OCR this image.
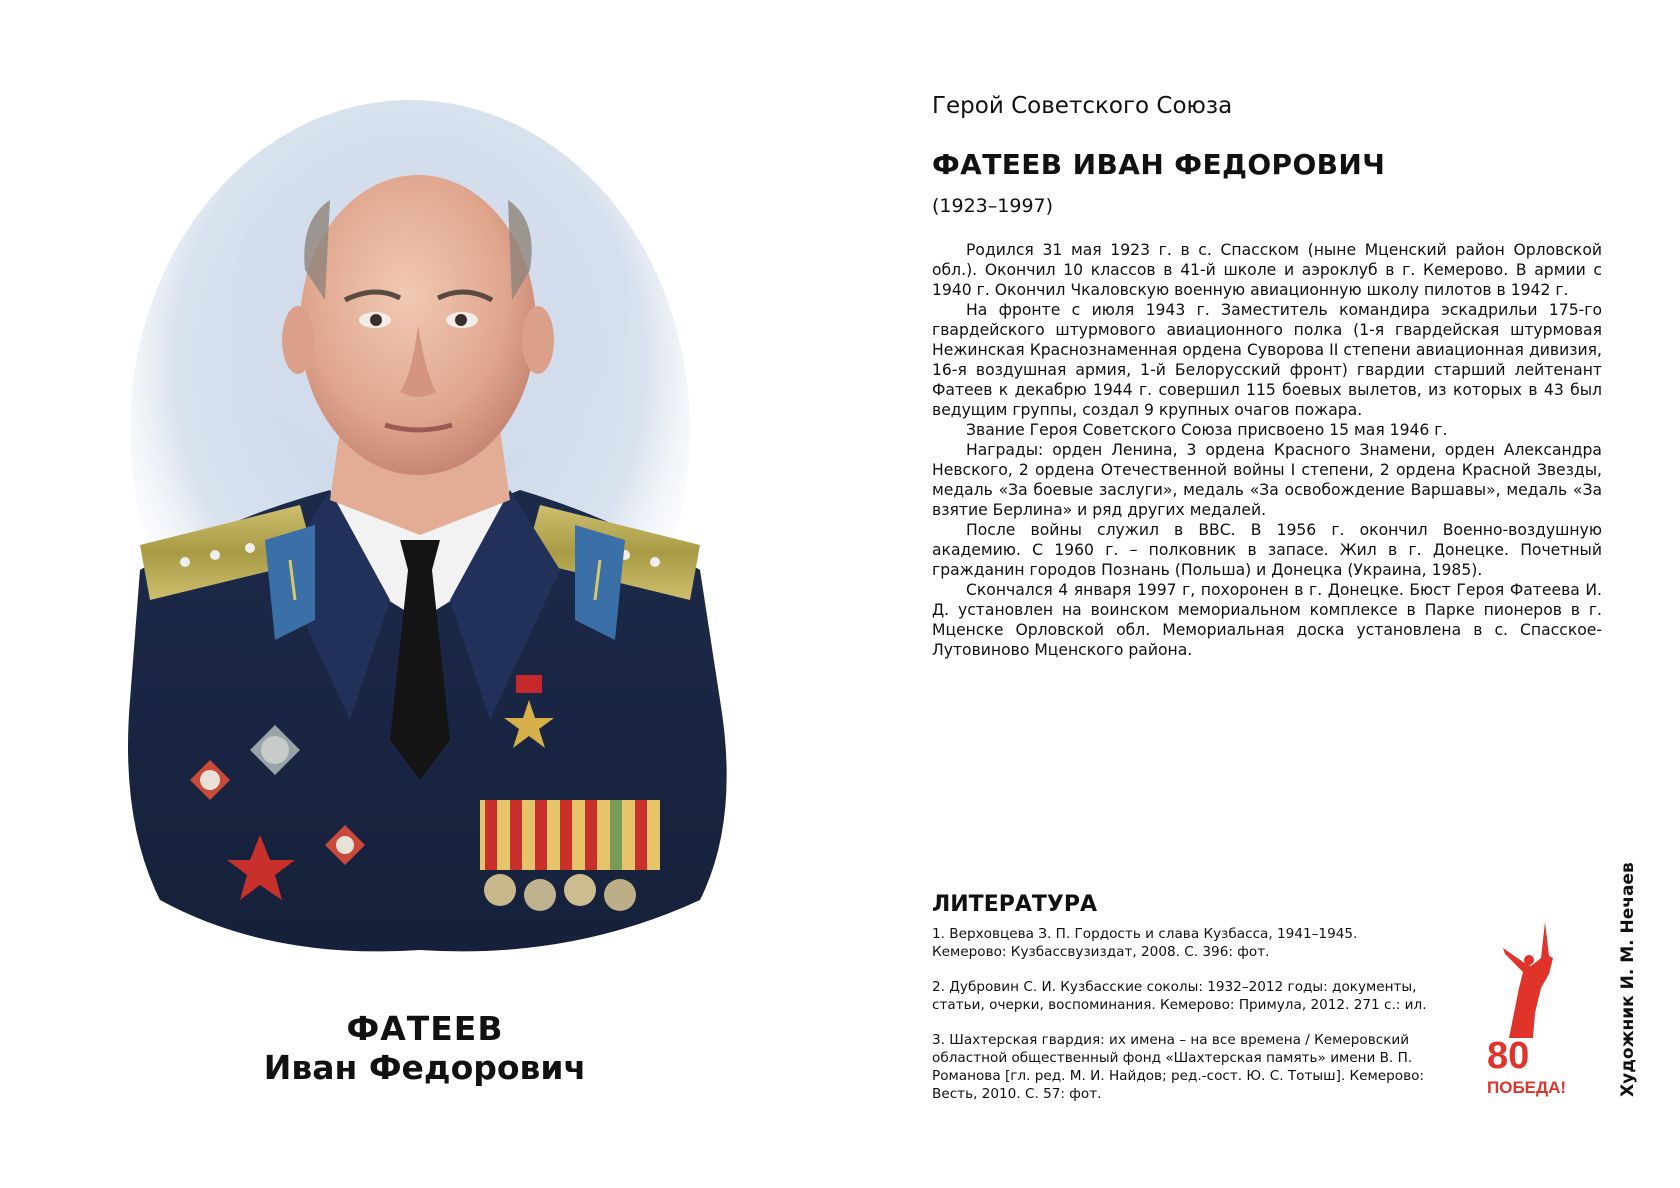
ФАТЕЕВ
Иван Федорович
Герой Советского Союза
ФАТЕЕВ ИВАН ФЕДОРОВИЧ
(1923–1997)

Родился 31 мая 1923 г. в с. Спасском (ныне Мценский район Орловской обл.). Окончил 10 классов в 41-й школе и аэроклуб в г. Кемерово. В армии с 1940 г. Окончил Чкаловскую военную авиационную школу пилотов в 1942 г.

На фронте с июля 1943 г. Заместитель командира эскадрильи 175-го гвардейского штурмового авиационного полка (1-я гвардейская штурмовая Нежинская Краснознаменная ордена Суворова II степени авиационная дивизия, 16-я воздушная армия, 1-й Белорусский фронт) гвардии старший лейтенант Фатеев к декабрю 1944 г. совершил 115 боевых вылетов, из которых в 43 был ведущим группы, создал 9 крупных очагов пожара.

Звание Героя Советского Союза присвоено 15 мая 1946 г.

Награды: орден Ленина, 3 ордена Красного Знамени, орден Александра Невского, 2 ордена Отечественной войны I степени, 2 ордена Красной Звезды, медаль «За боевые заслуги», медаль «За освобождение Варшавы», медаль «За взятие Берлина» и ряд других медалей.

После войны служил в ВВС. В 1956 г. окончил Военно-воздушную академию. С 1960 г. – полковник в запасе. Жил в г. Донецке. Почетный гражданин городов Познань (Польша) и Донецка (Украина, 1985).

Скончался 4 января 1997 г, похоронен в г. Донецке. Бюст Героя Фатеева И. Д. установлен на воинском мемориальном комплексе в Парке пионеров в г. Мценске Орловской обл. Мемориальная доска установлена в с. Спасское-Лутовиново Мценского района.

ЛИТЕРАТУРА

1. Верховцева З. П. Гордость и слава Кузбасса, 1941–1945. Кемерово: Кузбассвузиздат, 2008. С. 396: фот.

2. Дубровин С. И. Кузбасские соколы: 1932–2012 годы: документы, статьи, очерки, воспоминания. Кемерово: Примула, 2012. 271 с.: ил.

3. Шахтерская гвардия: их имена – на все времена / Кемеровский областной общественный фонд «Шахтерская память» имени В. П. Романова [гл. ред. М. И. Найдов; ред.-сост. Ю. С. Тотыш]. Кемерово: Весть, 2010. С. 57: фот.

80
ПОБЕДА!	Художник И. М. Нечаев
